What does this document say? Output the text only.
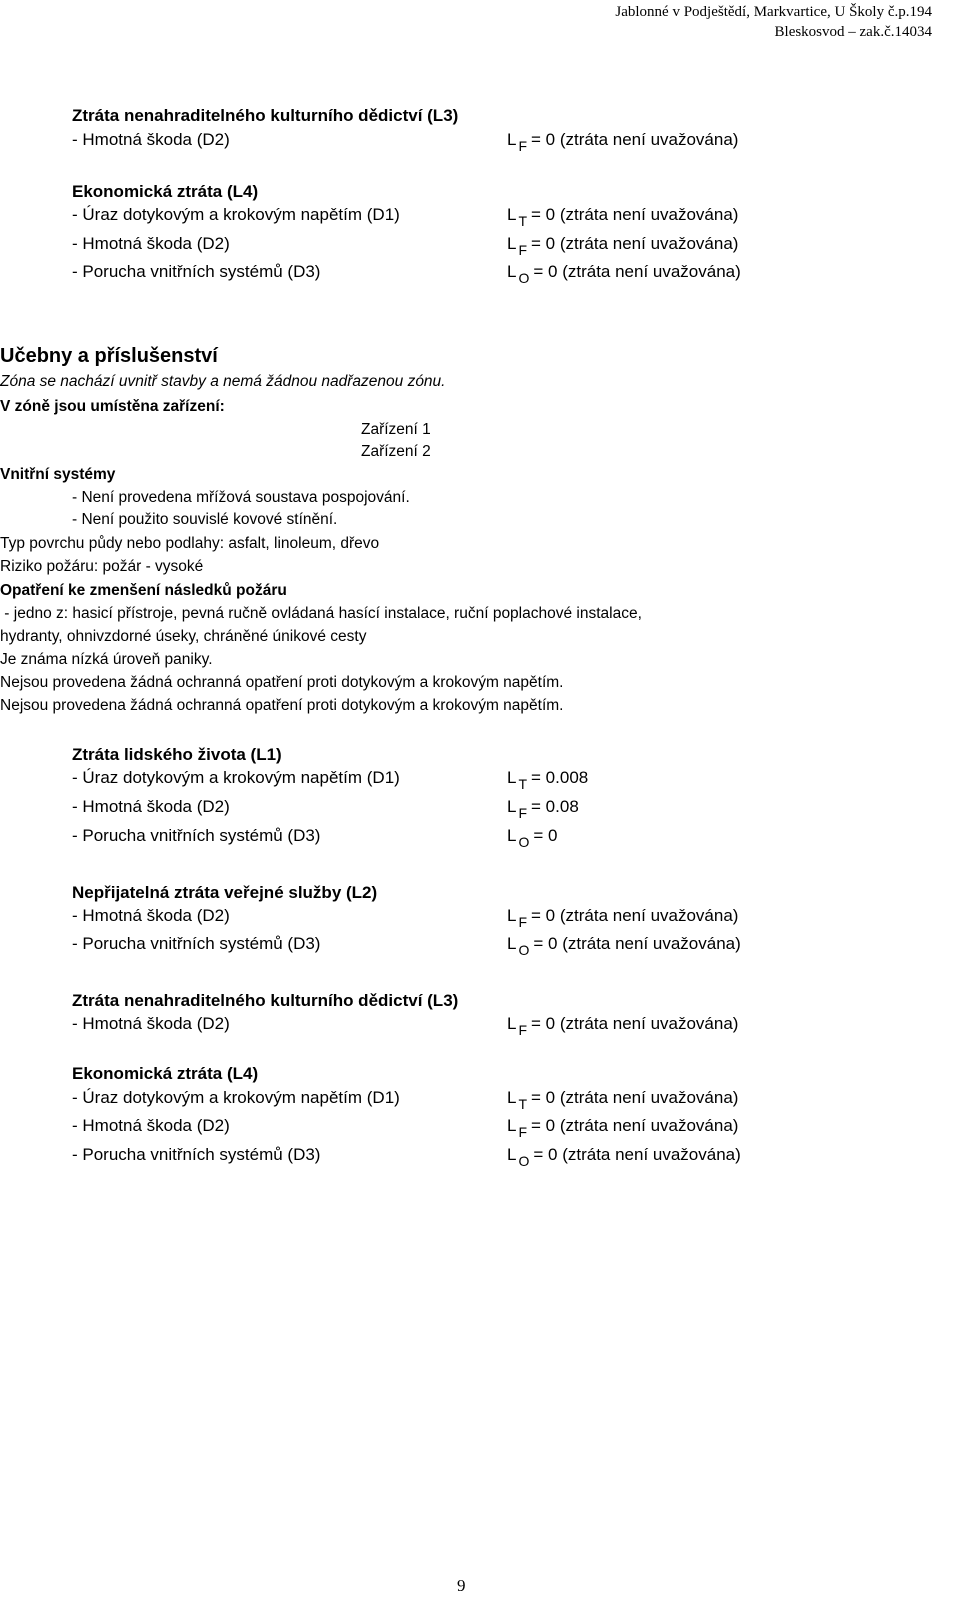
Jablonné v Podještědí, Markvartice, U Školy č.p.194
Bleskosvod – zak.č.14034
Ztráta nenahraditelného kulturního dědictví (L3)
- Hmotná škoda (D2)	L $_F$ = 0 (ztráta není uvažována)
Ekonomická ztráta (L4)
- Úraz dotykovým a krokovým napětím (D1)	L $_T$ = 0 (ztráta není uvažována)
- Hmotná škoda (D2)	L $_F$ = 0 (ztráta není uvažována)
- Porucha vnitřních systémů (D3)	L $_O$ = 0 (ztráta není uvažována)
Učebny a příslušenství
Zóna se nachází uvnitř stavby a nemá žádnou nadřazenou zónu.
V zóně jsou umístěna zařízení:
Zařízení 1
Zařízení 2
Vnitřní systémy
- Není provedena mřížová soustava pospojování.
- Není použito souvislé kovové stínění.
Typ povrchu půdy nebo podlahy: asfalt, linoleum, dřevo
Riziko požáru: požár - vysoké
Opatření ke zmenšení následků požáru
- jedno z: hasicí přístroje, pevná ručně ovládaná hasící instalace, ruční poplachové instalace,
hydranty, ohnivzdorné úseky, chráněné únikové cesty
Je známa nízká úroveň paniky.
Nejsou provedena žádná ochranná opatření proti dotykovým a krokovým napětím.
Nejsou provedena žádná ochranná opatření proti dotykovým a krokovým napětím.
Ztráta lidského života (L1)
- Úraz dotykovým a krokovým napětím (D1)	L $_T$ = 0.008
- Hmotná škoda (D2)	L $_F$ = 0.08
- Porucha vnitřních systémů (D3)	L $_O$ = 0
Nepřijatelná ztráta veřejné služby (L2)
- Hmotná škoda (D2)	L $_F$ = 0 (ztráta není uvažována)
- Porucha vnitřních systémů (D3)	L $_O$ = 0 (ztráta není uvažována)
Ztráta nenahraditelného kulturního dědictví (L3)
- Hmotná škoda (D2)	L $_F$ = 0 (ztráta není uvažována)
Ekonomická ztráta (L4)
- Úraz dotykovým a krokovým napětím (D1)	L $_T$ = 0 (ztráta není uvažována)
- Hmotná škoda (D2)	L $_F$ = 0 (ztráta není uvažována)
- Porucha vnitřních systémů (D3)	L $_O$ = 0 (ztráta není uvažována)
9
